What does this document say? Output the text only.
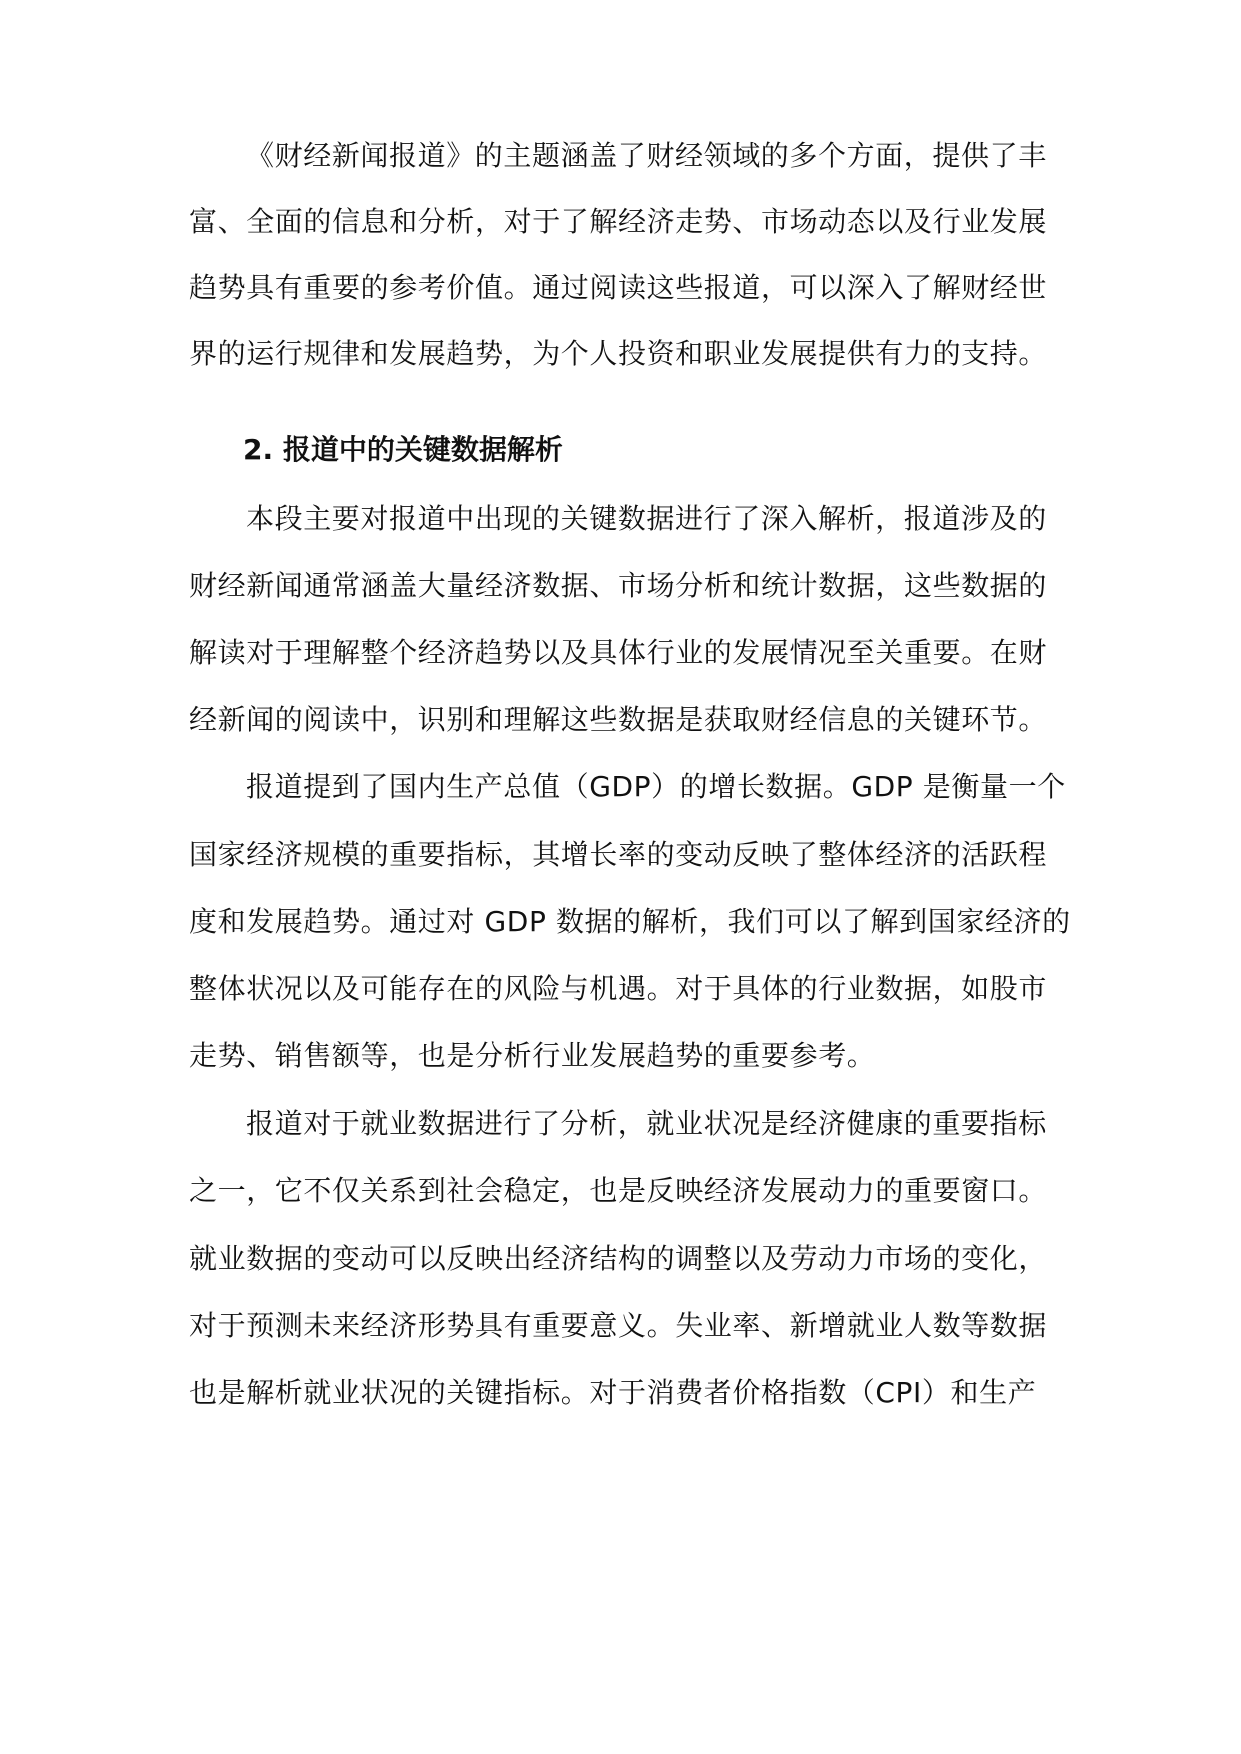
《财经新闻报道》的主题涵盖了财经领域的多个方面，提供了丰
富、全面的信息和分析，对于了解经济走势、市场动态以及行业发展
趋势具有重要的参考价值。通过阅读这些报道，可以深入了解财经世
界的运行规律和发展趋势，为个人投资和职业发展提供有力的支持。
2. 报道中的关键数据解析
本段主要对报道中出现的关键数据进行了深入解析，报道涉及的
财经新闻通常涵盖大量经济数据、市场分析和统计数据，这些数据的
解读对于理解整个经济趋势以及具体行业的发展情况至关重要。在财
经新闻的阅读中，识别和理解这些数据是获取财经信息的关键环节。
报道提到了国内生产总值（GDP）的增长数据。GDP 是衡量一个
国家经济规模的重要指标，其增长率的变动反映了整体经济的活跃程
度和发展趋势。通过对 GDP 数据的解析，我们可以了解到国家经济的
整体状况以及可能存在的风险与机遇。对于具体的行业数据，如股市
走势、销售额等，也是分析行业发展趋势的重要参考。
报道对于就业数据进行了分析，就业状况是经济健康的重要指标
之一，它不仅关系到社会稳定，也是反映经济发展动力的重要窗口。
就业数据的变动可以反映出经济结构的调整以及劳动力市场的变化，
对于预测未来经济形势具有重要意义。失业率、新增就业人数等数据
也是解析就业状况的关键指标。对于消费者价格指数（CPI）和生产
